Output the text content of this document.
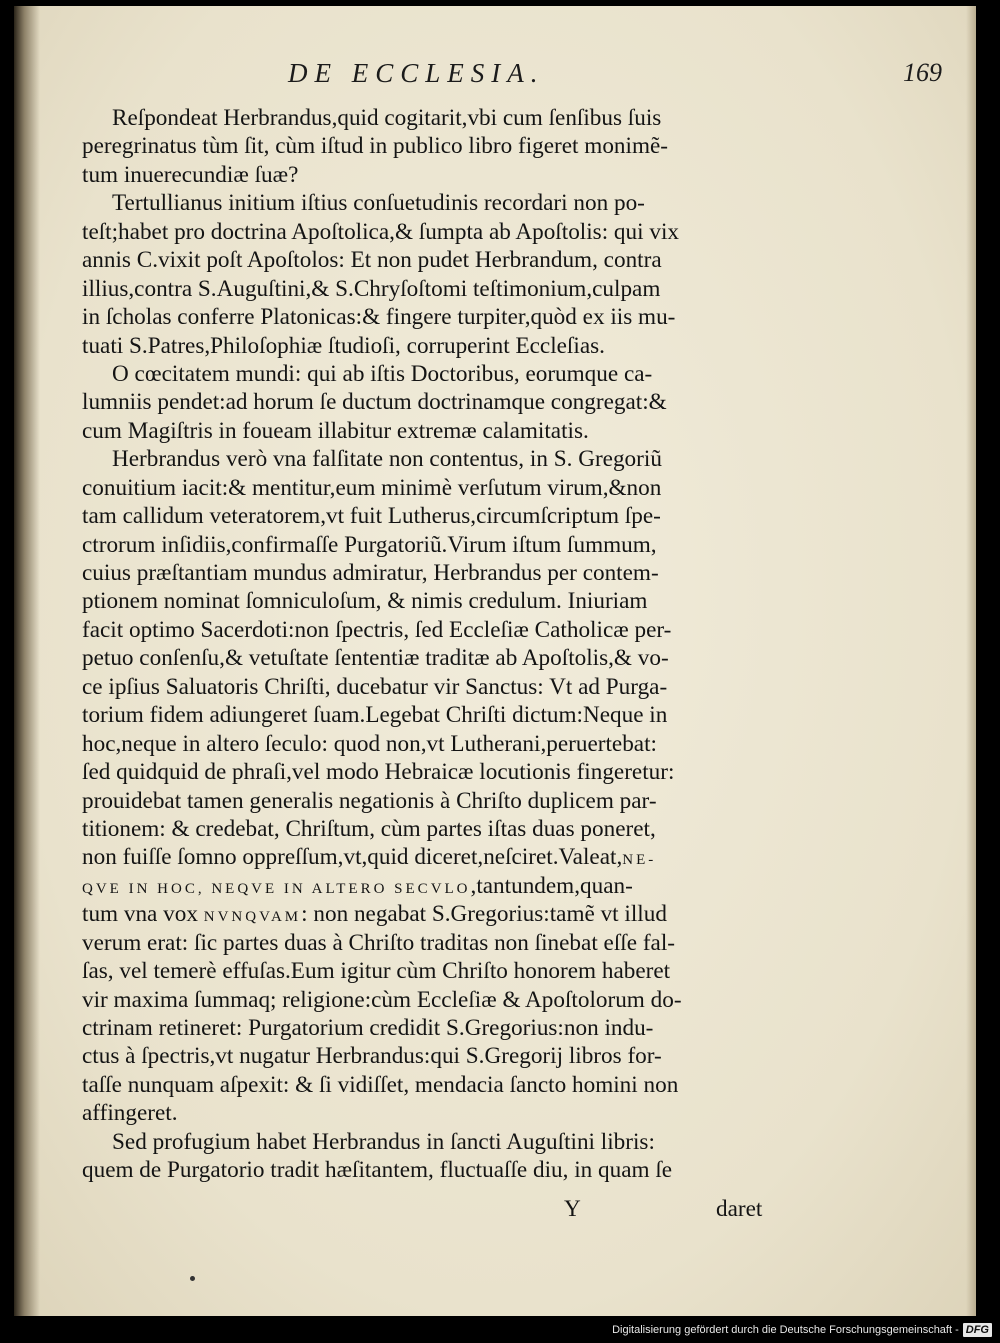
DE ECCLESIA.	169
Reſpondeat Herbrandus,quid cogitarit,vbi cum ſenſibus ſuis
peregrinatus tùm ſit, cùm iſtud in publico libro figeret monimẽ-
tum inuerecundiæ ſuæ?
Tertullianus initium iſtius conſuetudinis recordari non po-
teſt;habet pro doctrina Apoſtolica,& ſumpta ab Apoſtolis: qui vix
annis C.vixit poſt Apoſtolos: Et non pudet Herbrandum, contra
illius,contra S.Auguſtini,& S.Chryſoſtomi teſtimonium,culpam
in ſcholas conferre Platonicas:& fingere turpiter,quòd ex iis mu-
tuati S.Patres,Philoſophiæ ſtudioſi, corruperint Eccleſias.
O cœcitatem mundi: qui ab iſtis Doctoribus, eorumque ca-
lumniis pendet:ad horum ſe ductum doctrinamque congregat:&
cum Magiſtris in foueam illabitur extremæ calamitatis.
Herbrandus verò vna falſitate non contentus, in S. Gregoriũ
conuitium iacit:& mentitur,eum minimè verſutum virum,&non
tam callidum veteratorem,vt fuit Lutherus,circumſcriptum ſpe-
ctrorum inſidiis,confirmaſſe Purgatoriũ.Virum iſtum ſummum,
cuius præſtantiam mundus admiratur, Herbrandus per contem-
ptionem nominat ſomniculoſum, & nimis credulum. Iniuriam
facit optimo Sacerdoti:non ſpectris, ſed Eccleſiæ Catholicæ per-
petuo conſenſu,& vetuſtate ſententiæ traditæ ab Apoſtolis,& vo-
ce ipſius Saluatoris Chriſti, ducebatur vir Sanctus: Vt ad Purga-
torium fidem adiungeret ſuam.Legebat Chriſti dictum:Neque in
hoc,neque in altero ſeculo: quod non,vt Lutherani,peruertebat:
ſed quidquid de phraſi,vel modo Hebraicæ locutionis fingeretur:
prouidebat tamen generalis negationis à Chriſto duplicem par-
titionem: & credebat, Chriſtum, cùm partes iſtas duas poneret,
non fuiſſe ſomno oppreſſum,vt,quid diceret,neſciret.Valeat,NE-
QVE IN HOC, NEQVE IN ALTERO SECVLO,tantundem,quan-
tum vna vox NVNQVAM: non negabat S.Gregorius:tamẽ vt illud
verum erat: ſic partes duas à Chriſto traditas non ſinebat eſſe fal-
ſas, vel temerè effuſas.Eum igitur cùm Chriſto honorem haberet
vir maxima ſummaq; religione:cùm Eccleſiæ & Apoſtolorum do-
ctrinam retineret: Purgatorium credidit S.Gregorius:non indu-
ctus à ſpectris,vt nugatur Herbrandus:qui S.Gregorij libros for-
taſſe nunquam aſpexit: & ſi vidiſſet, mendacia ſancto homini non
affingeret.
Sed profugium habet Herbrandus in ſancti Auguſtini libris:
quem de Purgatorio tradit hæſitantem, fluctuaſſe diu, in quam ſe
Y	daret
Digitalisierung gefördert durch die Deutsche Forschungsgemeinschaft - DFG
